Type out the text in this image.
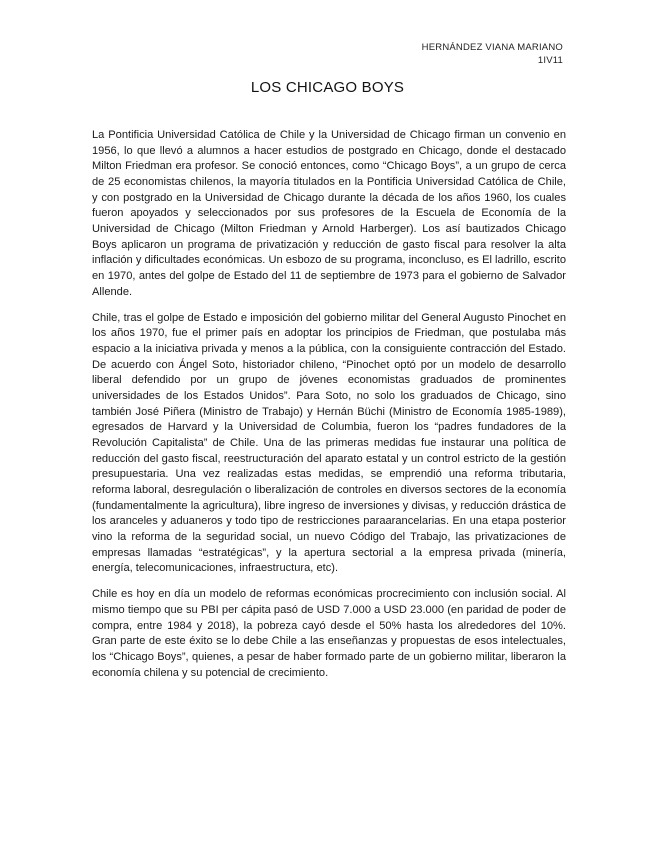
HERNÁNDEZ VIANA MARIANO
1IV11
LOS CHICAGO BOYS

La Pontificia Universidad Católica de Chile y la Universidad de Chicago firman un convenio en 1956, lo que llevó a alumnos a hacer estudios de postgrado en Chicago, donde el destacado Milton Friedman era profesor. Se conoció entonces, como “Chicago Boys”, a un grupo de cerca de 25 economistas chilenos, la mayoría titulados en la Pontificia Universidad Católica de Chile, y con postgrado en la Universidad de Chicago durante la década de los años 1960, los cuales fueron apoyados y seleccionados por sus profesores de la Escuela de Economía de la Universidad de Chicago (Milton Friedman y Arnold Harberger). Los así bautizados Chicago Boys aplicaron un programa de privatización y reducción de gasto fiscal para resolver la alta inflación y dificultades económicas. Un esbozo de su programa, inconcluso, es El ladrillo, escrito en 1970, antes del golpe de Estado del 11 de septiembre de 1973 para el gobierno de Salvador Allende.

Chile, tras el golpe de Estado e imposición del gobierno militar del General Augusto Pinochet en los años 1970, fue el primer país en adoptar los principios de Friedman, que postulaba más espacio a la iniciativa privada y menos a la pública, con la consiguiente contracción del Estado. De acuerdo con Ángel Soto, historiador chileno, “Pinochet optó por un modelo de desarrollo liberal defendido por un grupo de jóvenes economistas graduados de prominentes universidades de los Estados Unidos”. Para Soto, no solo los graduados de Chicago, sino también José Piñera (Ministro de Trabajo) y Hernán Büchi (Ministro de Economía 1985-1989), egresados de Harvard y la Universidad de Columbia, fueron los “padres fundadores de la Revolución Capitalista” de Chile. Una de las primeras medidas fue instaurar una política de reducción del gasto fiscal, reestructuración del aparato estatal y un control estricto de la gestión presupuestaria. Una vez realizadas estas medidas, se emprendió una reforma tributaria, reforma laboral, desregulación o liberalización de controles en diversos sectores de la economía (fundamentalmente la agricultura), libre ingreso de inversiones y divisas, y reducción drástica de los aranceles y aduaneros y todo tipo de restricciones paraarancelarias. En una etapa posterior vino la reforma de la seguridad social, un nuevo Código del Trabajo, las privatizaciones de empresas llamadas “estratégicas”, y la apertura sectorial a la empresa privada (minería, energía, telecomunicaciones, infraestructura, etc).

Chile es hoy en día un modelo de reformas económicas procrecimiento con inclusión social. Al mismo tiempo que su PBI per cápita pasó de USD 7.000 a USD 23.000 (en paridad de poder de compra, entre 1984 y 2018), la pobreza cayó desde el 50% hasta los alrededores del 10%. Gran parte de este éxito se lo debe Chile a las enseñanzas y propuestas de esos intelectuales, los “Chicago Boys”, quienes, a pesar de haber formado parte de un gobierno militar, liberaron la economía chilena y su potencial de crecimiento.
